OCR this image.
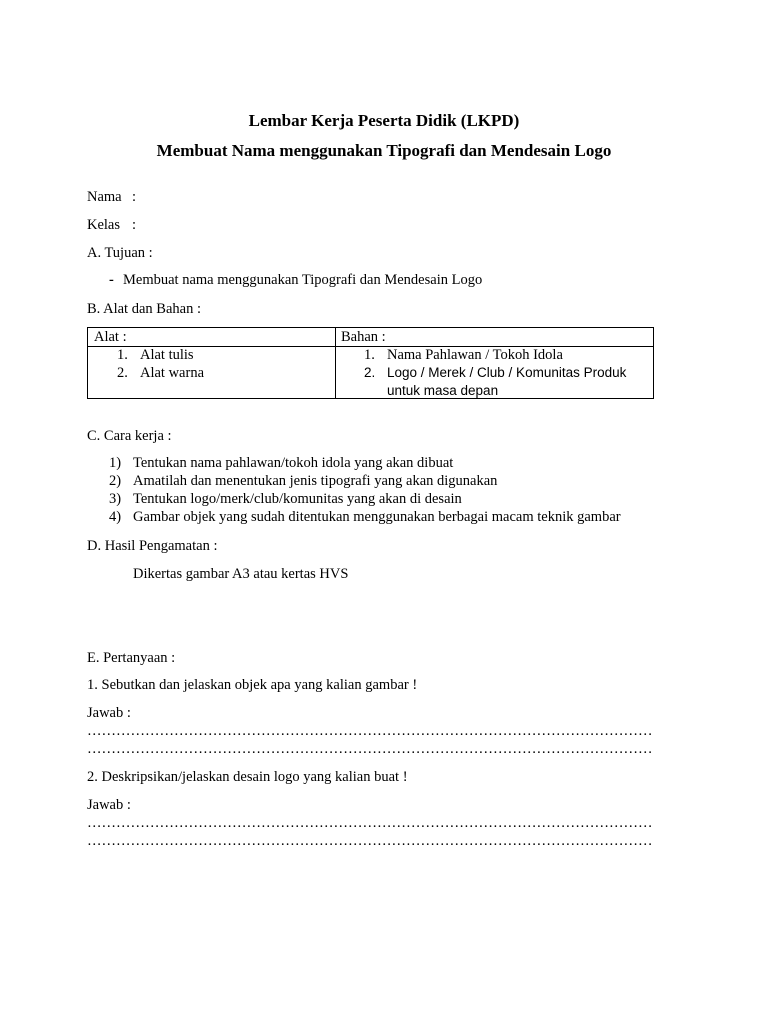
Lembar Kerja Peserta Didik (LKPD)
Membuat Nama menggunakan Tipografi dan Mendesain Logo
Nama :
Kelas :
A. Tujuan :
- Membuat nama menggunakan Tipografi dan Mendesain Logo
B. Alat dan Bahan :
Alat :	Bahan :
1. Alat tulis
2. Alat warna
1. Nama Pahlawan / Tokoh Idola
2. Logo / Merek / Club / Komunitas Produk
untuk masa depan
C. Cara kerja :
1) Tentukan nama pahlawan/tokoh idola yang akan dibuat
2) Amatilah dan menentukan jenis tipografi yang akan digunakan
3) Tentukan logo/merk/club/komunitas yang akan di desain
4) Gambar objek yang sudah ditentukan menggunakan berbagai macam teknik gambar
D. Hasil Pengamatan :
Dikertas gambar A3 atau kertas HVS
E. Pertanyaan :
1. Sebutkan dan jelaskan objek apa yang kalian gambar !
Jawab :
………………………………………………………………………………………………………
………………………………………………………………………………………………………
2. Deskripsikan/jelaskan desain logo yang kalian buat !
Jawab :
………………………………………………………………………………………………………
………………………………………………………………………………………………………
